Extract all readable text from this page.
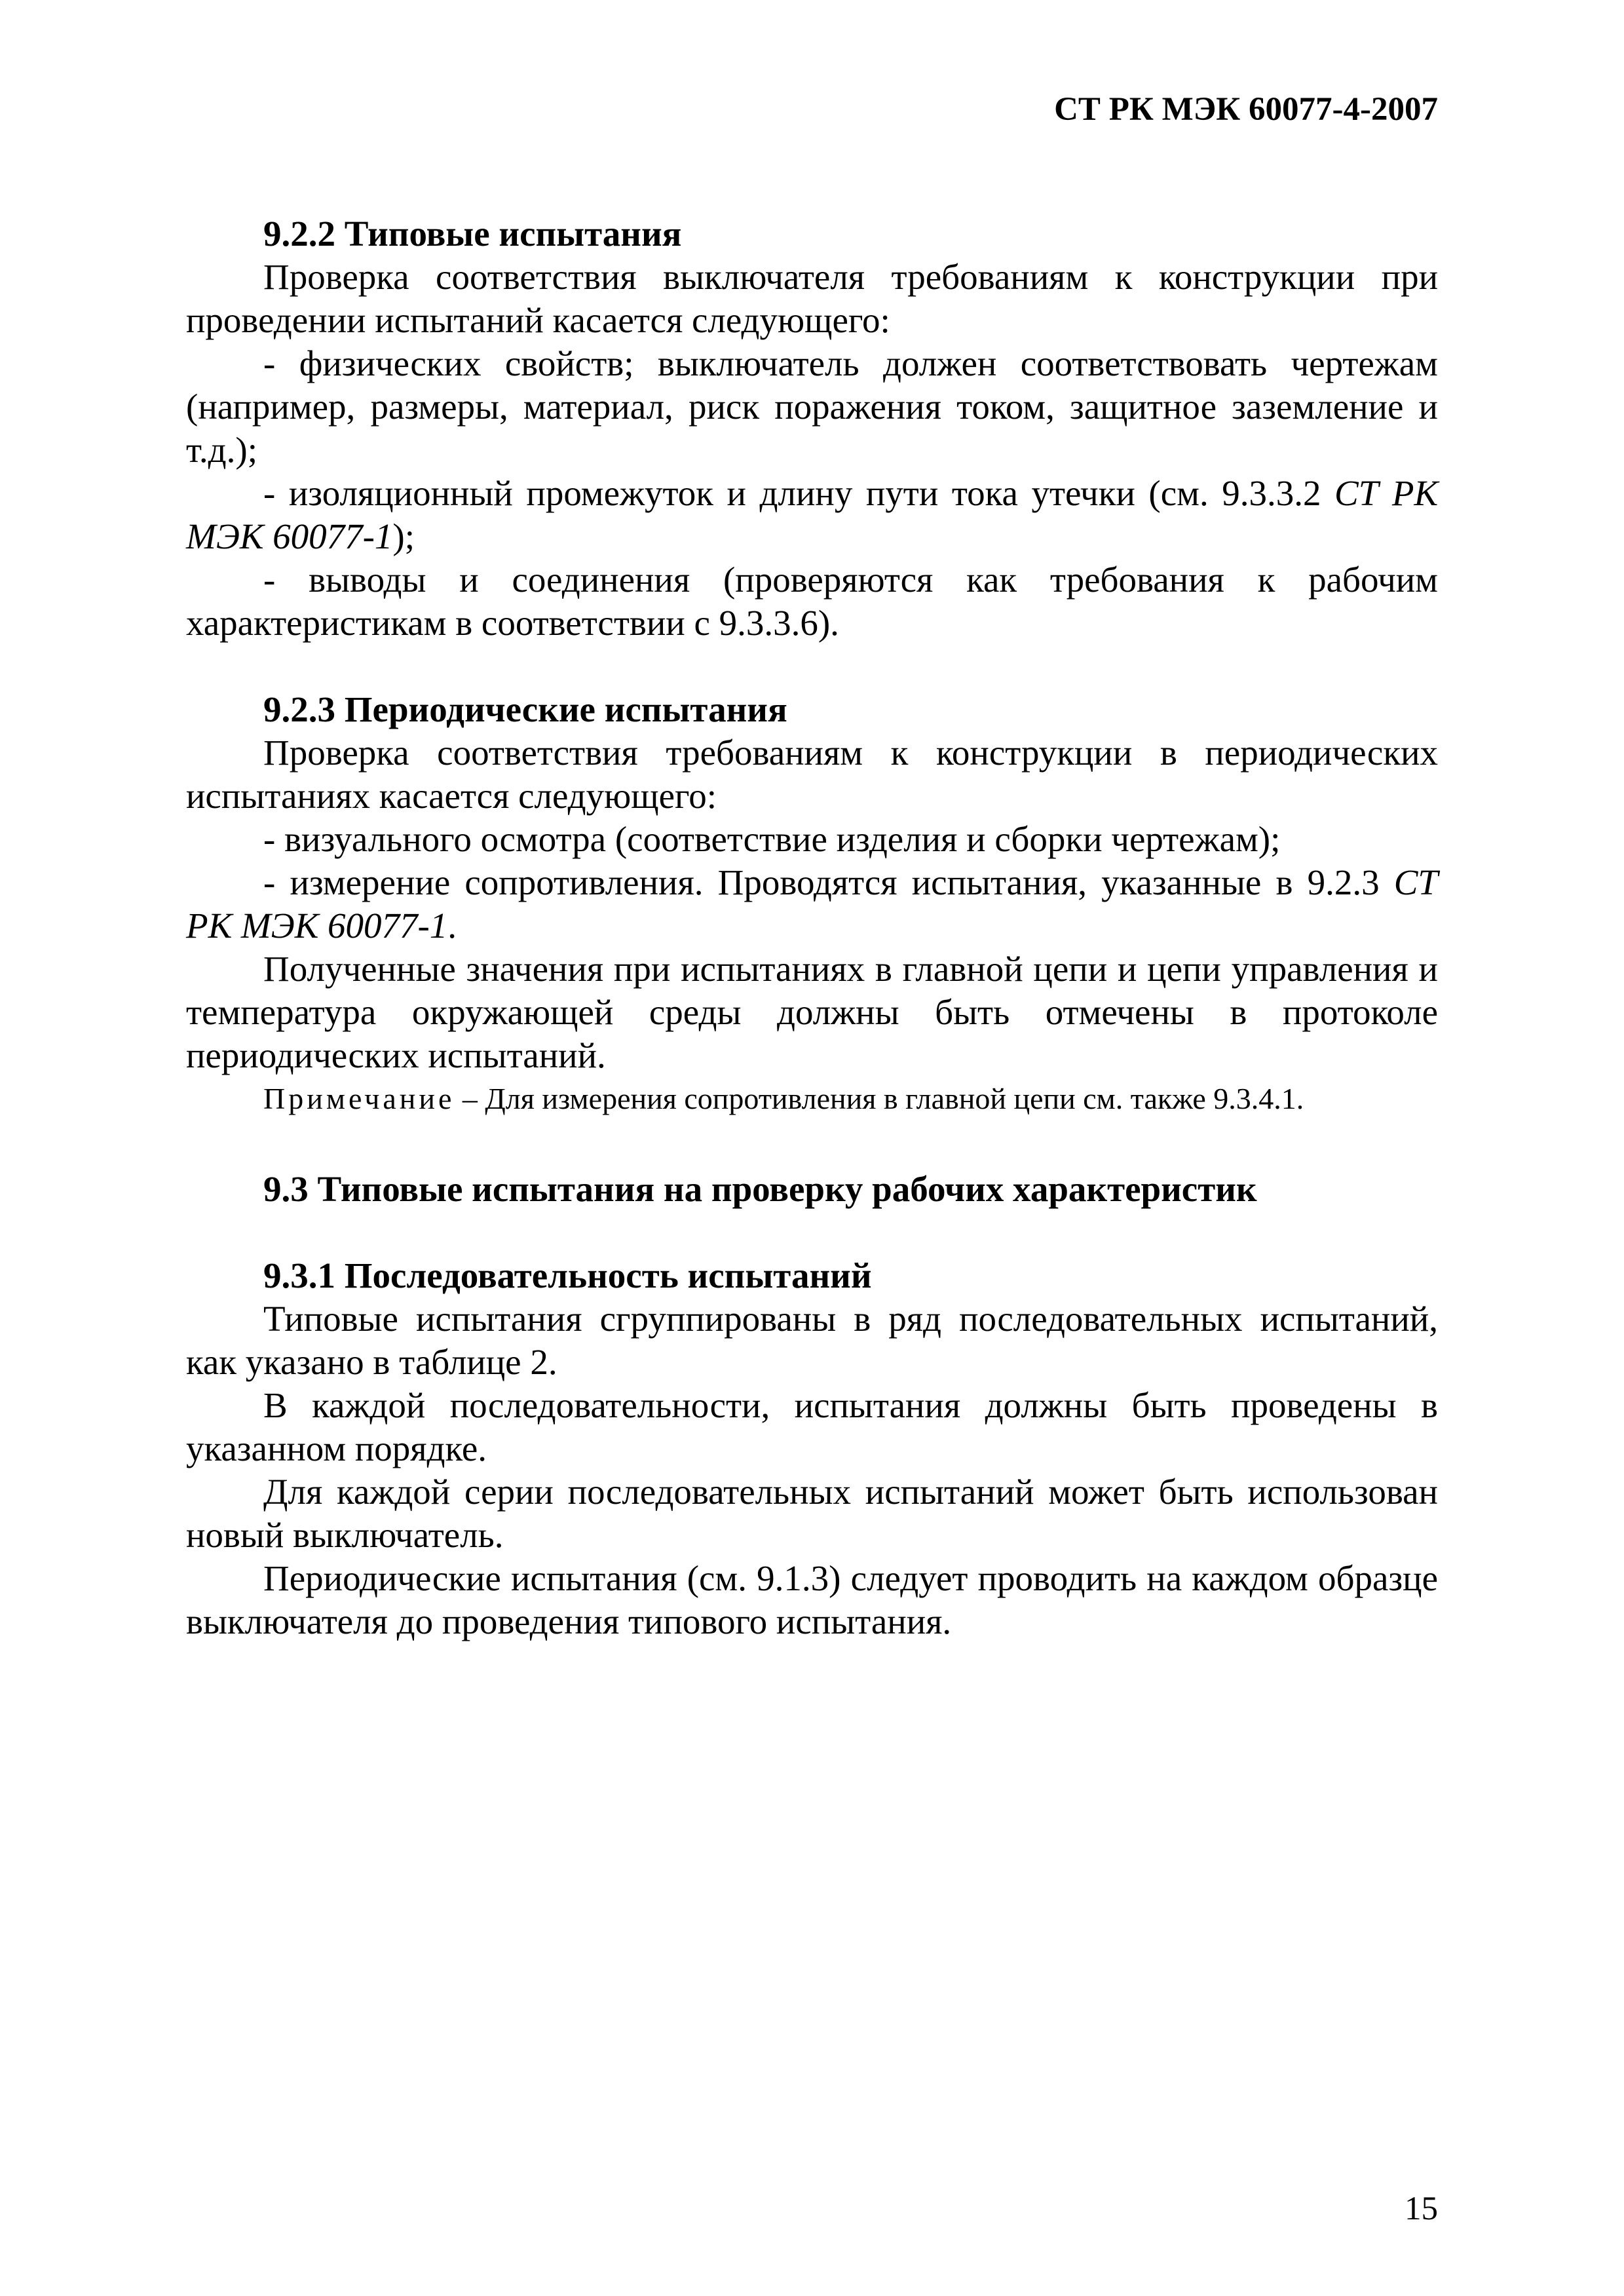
СТ РК МЭК 60077-4-2007

9.2.2 Типовые испытания

Проверка соответствия выключателя требованиям к конструкции при проведении испытаний касается следующего:

- физических свойств; выключатель должен соответствовать чертежам (например, размеры, материал, риск поражения током, защитное заземление и т.д.);

- изоляционный промежуток и длину пути тока утечки (см. 9.3.3.2 СТ РК МЭК 60077-1);

- выводы и соединения (проверяются как требования к рабочим характеристикам в соответствии с 9.3.3.6).

9.2.3 Периодические испытания

Проверка соответствия требованиям к конструкции в периодических испытаниях касается следующего:

- визуального осмотра (соответствие изделия и сборки чертежам);

- измерение сопротивления. Проводятся испытания, указанные в 9.2.3 СТ РК МЭК 60077-1.

Полученные значения при испытаниях в главной цепи и цепи управления и температура окружающей среды должны быть отмечены в протоколе периодических испытаний.

Примечание – Для измерения сопротивления в главной цепи см. также 9.3.4.1.

9.3 Типовые испытания на проверку рабочих характеристик

9.3.1 Последовательность испытаний

Типовые испытания сгруппированы в ряд последовательных испытаний, как указано в таблице 2.

В каждой последовательности, испытания должны быть проведены в указанном порядке.

Для каждой серии последовательных испытаний может быть использован новый выключатель.

Периодические испытания (см. 9.1.3) следует проводить на каждом образце выключателя до проведения типового испытания.

15
